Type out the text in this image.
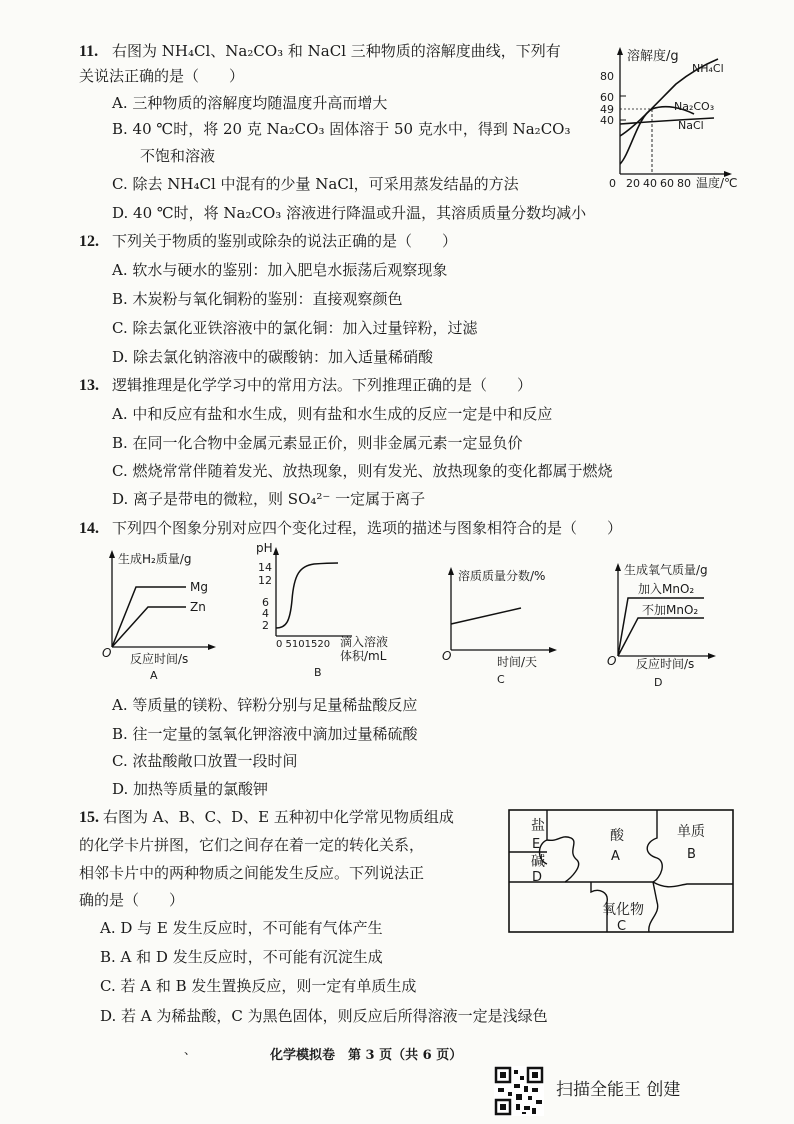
11. 右图为 NH₄Cl、Na₂CO₃ 和 NaCl 三种物质的溶解度曲线，下列有
关说法正确的是（　　）
A. 三种物质的溶解度均随温度升高而增大
B. 40 ℃时，将 20 克 Na₂CO₃ 固体溶于 50 克水中，得到 Na₂CO₃
不饱和溶液
C. 除去 NH₄Cl 中混有的少量 NaCl，可采用蒸发结晶的方法
D. 40 ℃时，将 Na₂CO₃ 溶液进行降温或升温，其溶质质量分数均减小
溶解度/g
80
60
49
40
NH₄Cl
Na₂CO₃
NaCl
0 20 40 60 80 温度/℃
12. 下列关于物质的鉴别或除杂的说法正确的是（　　）
A. 软水与硬水的鉴别：加入肥皂水振荡后观察现象
B. 木炭粉与氧化铜粉的鉴别：直接观察颜色
C. 除去氯化亚铁溶液中的氯化铜：加入过量锌粉，过滤
D. 除去氯化钠溶液中的碳酸钠：加入适量稀硝酸
13. 逻辑推理是化学学习中的常用方法。下列推理正确的是（　　）
A. 中和反应有盐和水生成，则有盐和水生成的反应一定是中和反应
B. 在同一化合物中金属元素显正价，则非金属元素一定显负价
C. 燃烧常常伴随着发光、放热现象，则有发光、放热现象的变化都属于燃烧
D. 离子是带电的微粒，则 SO₄²⁻ 一定属于离子
14. 下列四个图象分别对应四个变化过程，选项的描述与图象相符合的是（　　）
生成H₂质量/g
Mg
Zn
O 反应时间/s
A
pH
14
12
6
4
2
0 5101520 滴入溶液
体积/mL
B
溶质质量分数/%
O	时间/天
C
生成氧气质量/g
加入MnO₂
不加MnO₂
O 反应时间/s
D
A. 等质量的镁粉、锌粉分别与足量稀盐酸反应
B. 往一定量的氢氧化钾溶液中滴加过量稀硫酸
C. 浓盐酸敞口放置一段时间
D. 加热等质量的氯酸钾
15. 右图为 A、B、C、D、E 五种初中化学常见物质组成
的化学卡片拼图，它们之间存在着一定的转化关系，
相邻卡片中的两种物质之间能发生反应。下列说法正
确的是（　　）
A. D 与 E 发生反应时，不可能有气体产生
B. A 和 D 发生反应时，不可能有沉淀生成
C. 若 A 和 B 发生置换反应，则一定有单质生成
D. 若 A 为稀盐酸，C 为黑色固体，则反应后所得溶液一定是浅绿色
盐
E
碱
D
酸
A
单质
B
氧化物
C
、	化学模拟卷　第 3 页（共 6 页）
扫描全能王 创建
